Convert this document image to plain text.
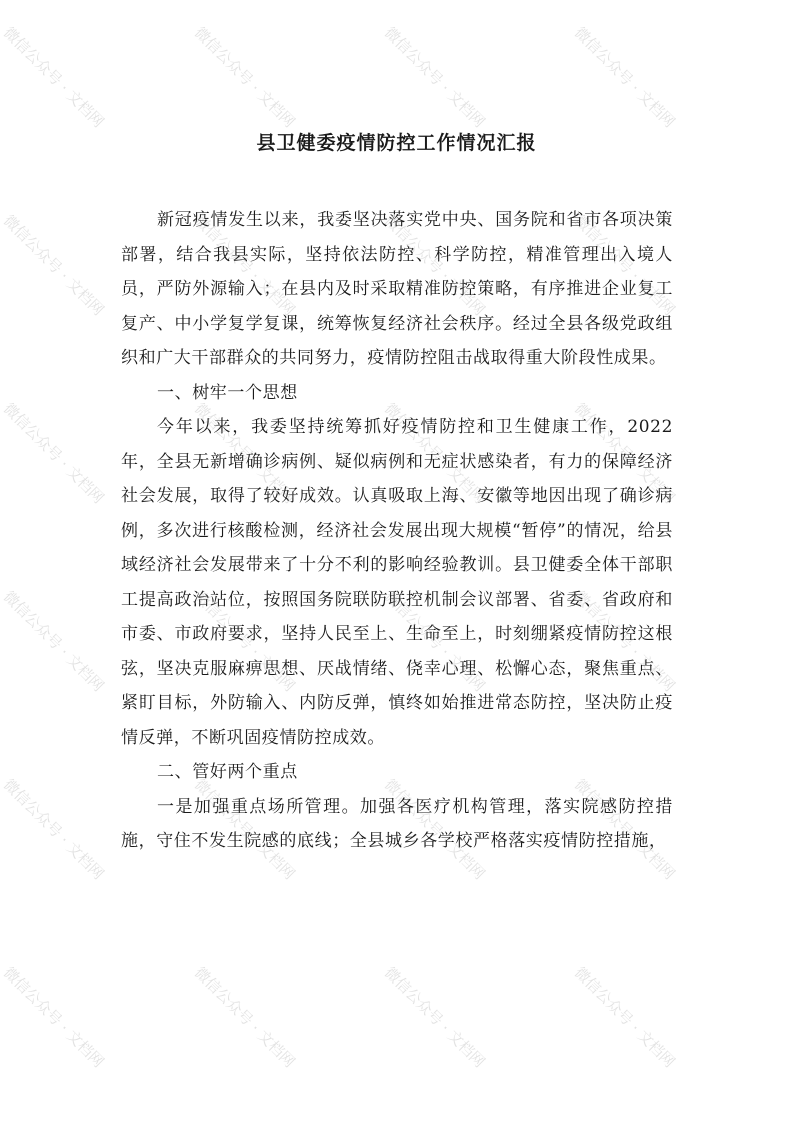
县卫健委疫情防控工作情况汇报

新冠疫情发生以来，我委坚决落实党中央、国务院和省市各项决策部署，结合我县实际，坚持依法防控、科学防控，精准管理出入境人员，严防外源输入；在县内及时采取精准防控策略，有序推进企业复工复产、中小学复学复课，统筹恢复经济社会秩序。经过全县各级党政组织和广大干部群众的共同努力，疫情防控阻击战取得重大阶段性成果。

一、树牢一个思想

今年以来，我委坚持统筹抓好疫情防控和卫生健康工作，2022年，全县无新增确诊病例、疑似病例和无症状感染者，有力的保障经济社会发展，取得了较好成效。认真吸取上海、安徽等地因出现了确诊病例，多次进行核酸检测，经济社会发展出现大规模“暂停”的情况，给县域经济社会发展带来了十分不利的影响经验教训。县卫健委全体干部职工提高政治站位，按照国务院联防联控机制会议部署、省委、省政府和市委、市政府要求，坚持人民至上、生命至上，时刻绷紧疫情防控这根弦，坚决克服麻痹思想、厌战情绪、侥幸心理、松懈心态，聚焦重点、紧盯目标，外防输入、内防反弹，慎终如始推进常态防控，坚决防止疫情反弹，不断巩固疫情防控成效。

二、管好两个重点

一是加强重点场所管理。加强各医疗机构管理，落实院感防控措施，守住不发生院感的底线；全县城乡各学校严格落实疫情防控措施，

微信公众号 · 文档网	微信公众号 · 文档网	微信公众号 · 文档网	微信公众号 · 文档网
微信公众号 · 文档网	微信公众号 · 文档网	微信公众号 · 文档网	微信公众号 · 文档网
微信公众号 · 文档网	微信公众号 · 文档网	微信公众号 · 文档网	微信公众号 · 文档网
微信公众号 · 文档网	微信公众号 · 文档网	微信公众号 · 文档网	微信公众号 · 文档网
微信公众号 · 文档网	微信公众号 · 文档网	微信公众号 · 文档网	微信公众号 · 文档网
微信公众号 · 文档网	微信公众号 · 文档网	微信公众号 · 文档网	微信公众号 · 文档网
